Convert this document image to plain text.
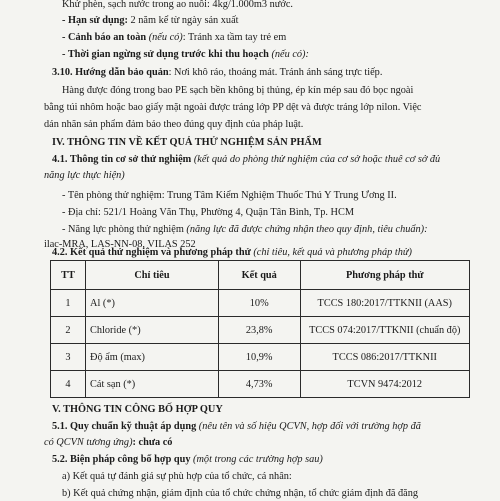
Khử phèn, sạch nước trong ao nuôi: 4kg/1.000m3 nước.
- Hạn sử dụng: 2 năm kể từ ngày sản xuất
- Cảnh báo an toàn (nếu có): Tránh xa tầm tay trẻ em
- Thời gian ngừng sử dụng trước khi thu hoạch (nếu có):
3.10. Hướng dẫn bảo quản: Nơi khô ráo, thoáng mát. Tránh ánh sáng trực tiếp.
Hàng được đóng trong bao PE sạch bền không bị thủng, ép kín mép sau đó bọc ngoài
bằng túi nhôm hoặc bao giấy mặt ngoài được tráng lớp PP dệt và được tráng lớp nilon. Việc
dán nhãn sản phẩm đảm bảo theo đúng quy định của pháp luật.
IV. THÔNG TIN VỀ KẾT QUẢ THỬ NGHIỆM SẢN PHẨM
4.1. Thông tin cơ sở thử nghiệm (kết quả do phòng thử nghiệm của cơ sở hoặc thuê cơ sở đủ
năng lực thực hiện)
- Tên phòng thử nghiệm: Trung Tâm Kiểm Nghiệm Thuốc Thú Y Trung Ương II.
- Địa chỉ: 521/1 Hoàng Văn Thụ, Phường 4, Quận Tân Bình, Tp. HCM
- Năng lực phòng thử nghiệm (năng lực đã được chứng nhận theo quy định, tiêu chuẩn):
ilac-MRA, LAS-NN-08, VILAS 252
4.2. Kết quả thử nghiệm và phương pháp thử (chỉ tiêu, kết quả và phương pháp thử)
TT	Chỉ tiêu	Kết quả	Phương pháp thử
1	Al (*)	10%	TCCS 180:2017/TTKNII (AAS)
2	Chloride (*)	23,8%	TCCS 074:2017/TTKNII (chuẩn độ)
3	Độ ẩm (max)	10,9%	TCCS 086:2017/TTKNII
4	Cát sạn (*)	4,73%	TCVN 9474:2012
V. THÔNG TIN CÔNG BỐ HỢP QUY
5.1. Quy chuẩn kỹ thuật áp dụng (nêu tên và số hiệu QCVN, hợp đối với trường hợp đã
có QCVN tương ứng): chưa có
5.2. Biện pháp công bố hợp quy (một trong các trường hợp sau)
a) Kết quả tự đánh giá sự phù hợp của tổ chức, cá nhân:
b) Kết quả chứng nhận, giám định của tổ chức chứng nhận, tổ chức giám định đã đăng
